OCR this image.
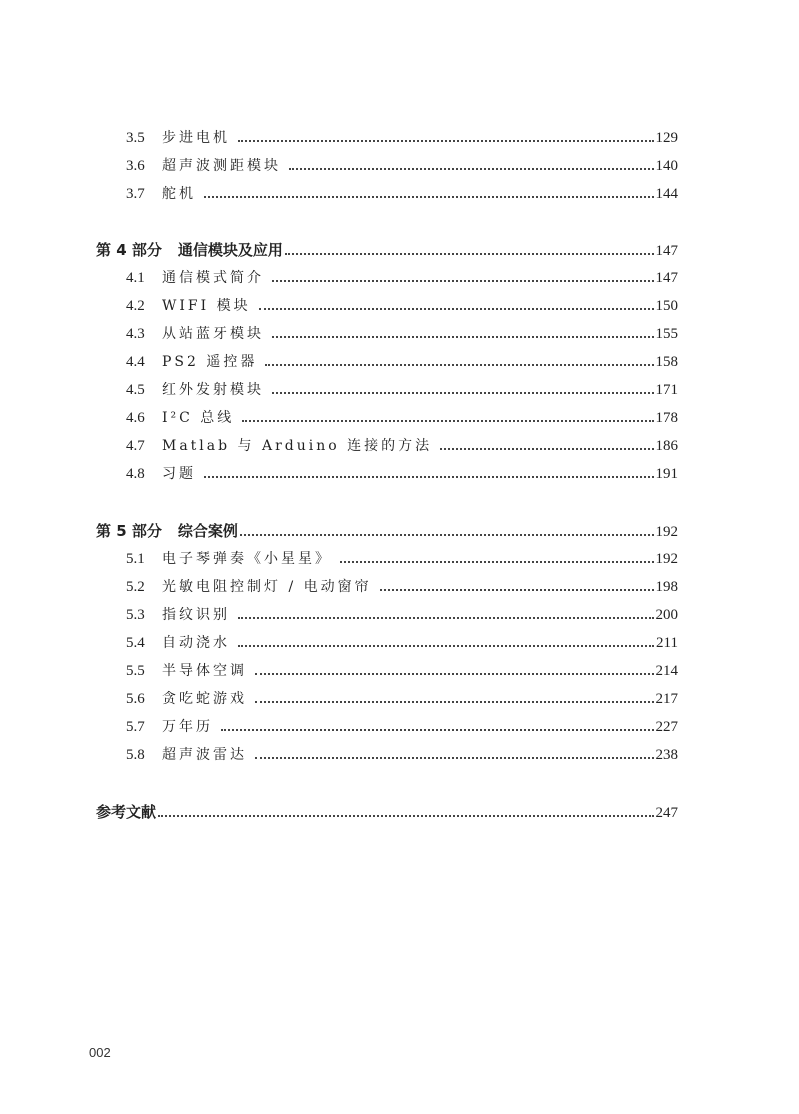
3.5	步进电机	129
3.6	超声波测距模块	140
3.7	舵机	144
第 4 部分 通信模块及应用	147
4.1	通信模式简介	147
4.2	WIFI 模块	150
4.3	从站蓝牙模块	155
4.4	PS2 遥控器	158
4.5	红外发射模块	171
4.6	I²C 总线	178
4.7	Matlab 与 Arduino 连接的方法	186
4.8	习题	191
第 5 部分 综合案例	192
5.1	电子琴弹奏《小星星》	192
5.2	光敏电阻控制灯 / 电动窗帘	198
5.3	指纹识别	200
5.4	自动浇水	211
5.5	半导体空调	214
5.6	贪吃蛇游戏	217
5.7	万年历	227
5.8	超声波雷达	238
参考文献	247
002
